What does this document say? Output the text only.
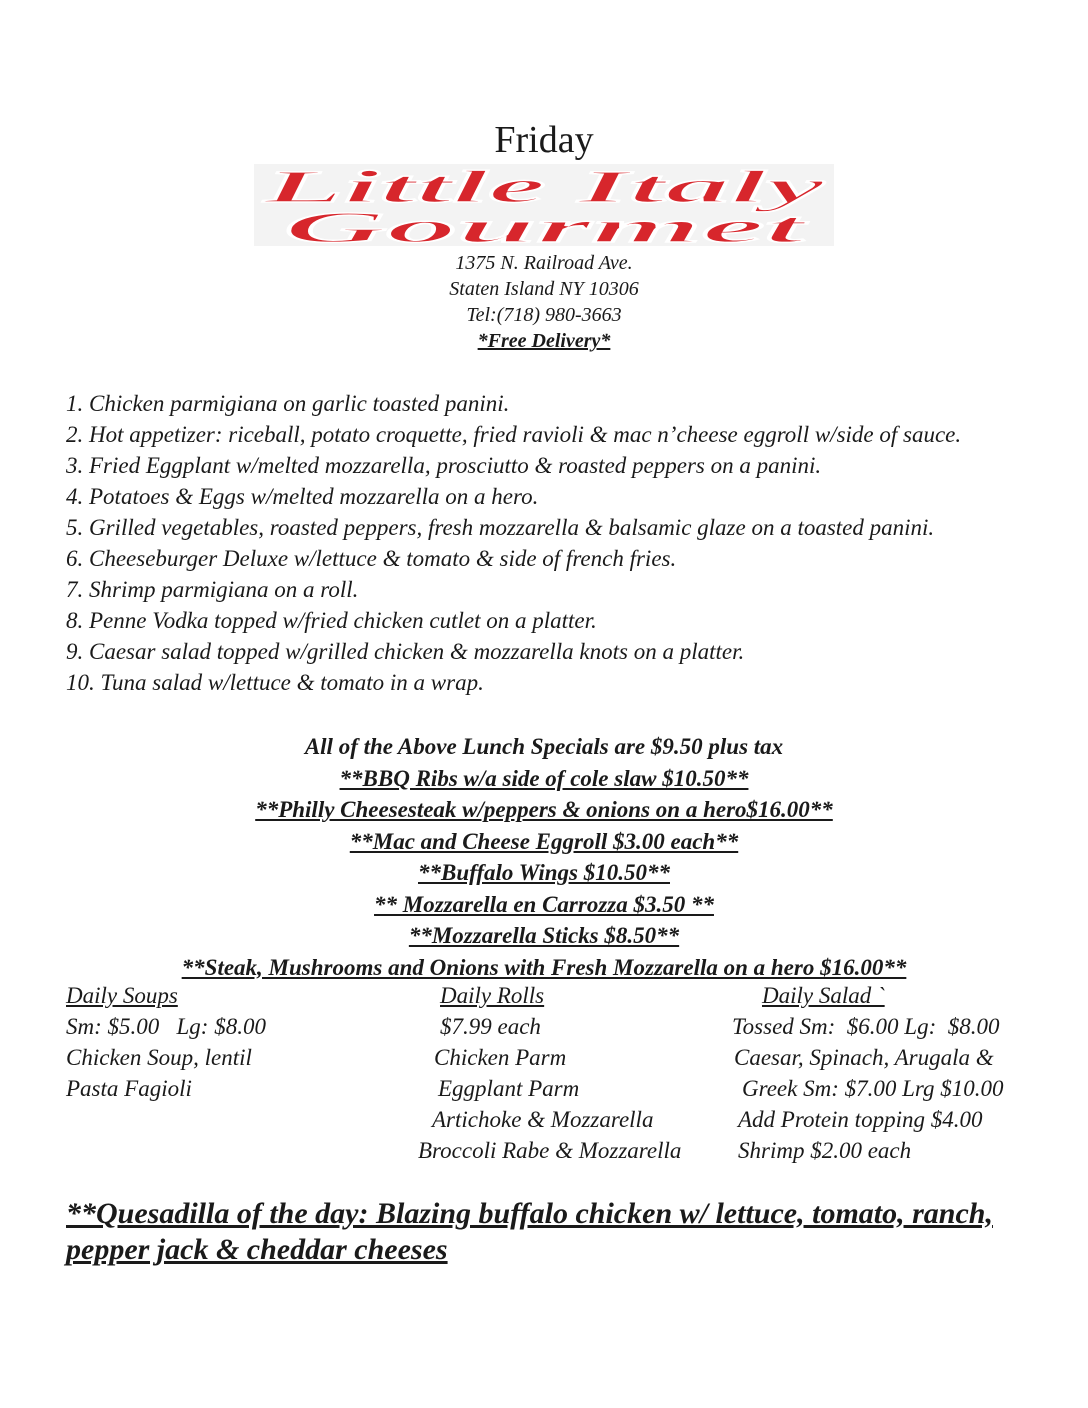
Friday
Little Italy
Gourmet
1375 N. Railroad Ave.
Staten Island NY 10306
Tel:(718) 980-3663
*Free Delivery*
1. Chicken parmigiana on garlic toasted panini.
2. Hot appetizer: riceball, potato croquette, fried ravioli & mac n’cheese eggroll w/side of sauce.
3. Fried Eggplant w/melted mozzarella, prosciutto & roasted peppers on a panini.
4. Potatoes & Eggs w/melted mozzarella on a hero.
5. Grilled vegetables, roasted peppers, fresh mozzarella & balsamic glaze on a toasted panini.
6. Cheeseburger Deluxe w/lettuce & tomato & side of french fries.
7. Shrimp parmigiana on a roll.
8. Penne Vodka topped w/fried chicken cutlet on a platter.
9. Caesar salad topped w/grilled chicken & mozzarella knots on a platter.
10. Tuna salad w/lettuce & tomato in a wrap.
All of the Above Lunch Specials are $9.50 plus tax
**BBQ Ribs w/a side of cole slaw $10.50**
**Philly Cheesesteak w/peppers & onions on a hero$16.00**
**Mac and Cheese Eggroll $3.00 each**
**Buffalo Wings $10.50**
** Mozzarella en Carrozza $3.50 **
**Mozzarella Sticks $8.50**
**Steak, Mushrooms and Onions with Fresh Mozzarella on a hero $16.00**
Daily Soups
Sm: $5.00   Lg: $8.00
Chicken Soup, lentil
Pasta Fagioli
Daily Rolls
$7.99 each
Chicken Parm
Eggplant Parm
Artichoke & Mozzarella
Broccoli Rabe & Mozzarella
Daily Salad `
Tossed Sm:  $6.00 Lg:  $8.00
Caesar, Spinach, Arugala &
Greek Sm: $7.00 Lrg $10.00
Add Protein topping $4.00
Shrimp $2.00 each
**Quesadilla of the day: Blazing buffalo chicken w/ lettuce, tomato, ranch, pepper jack & cheddar cheeses
